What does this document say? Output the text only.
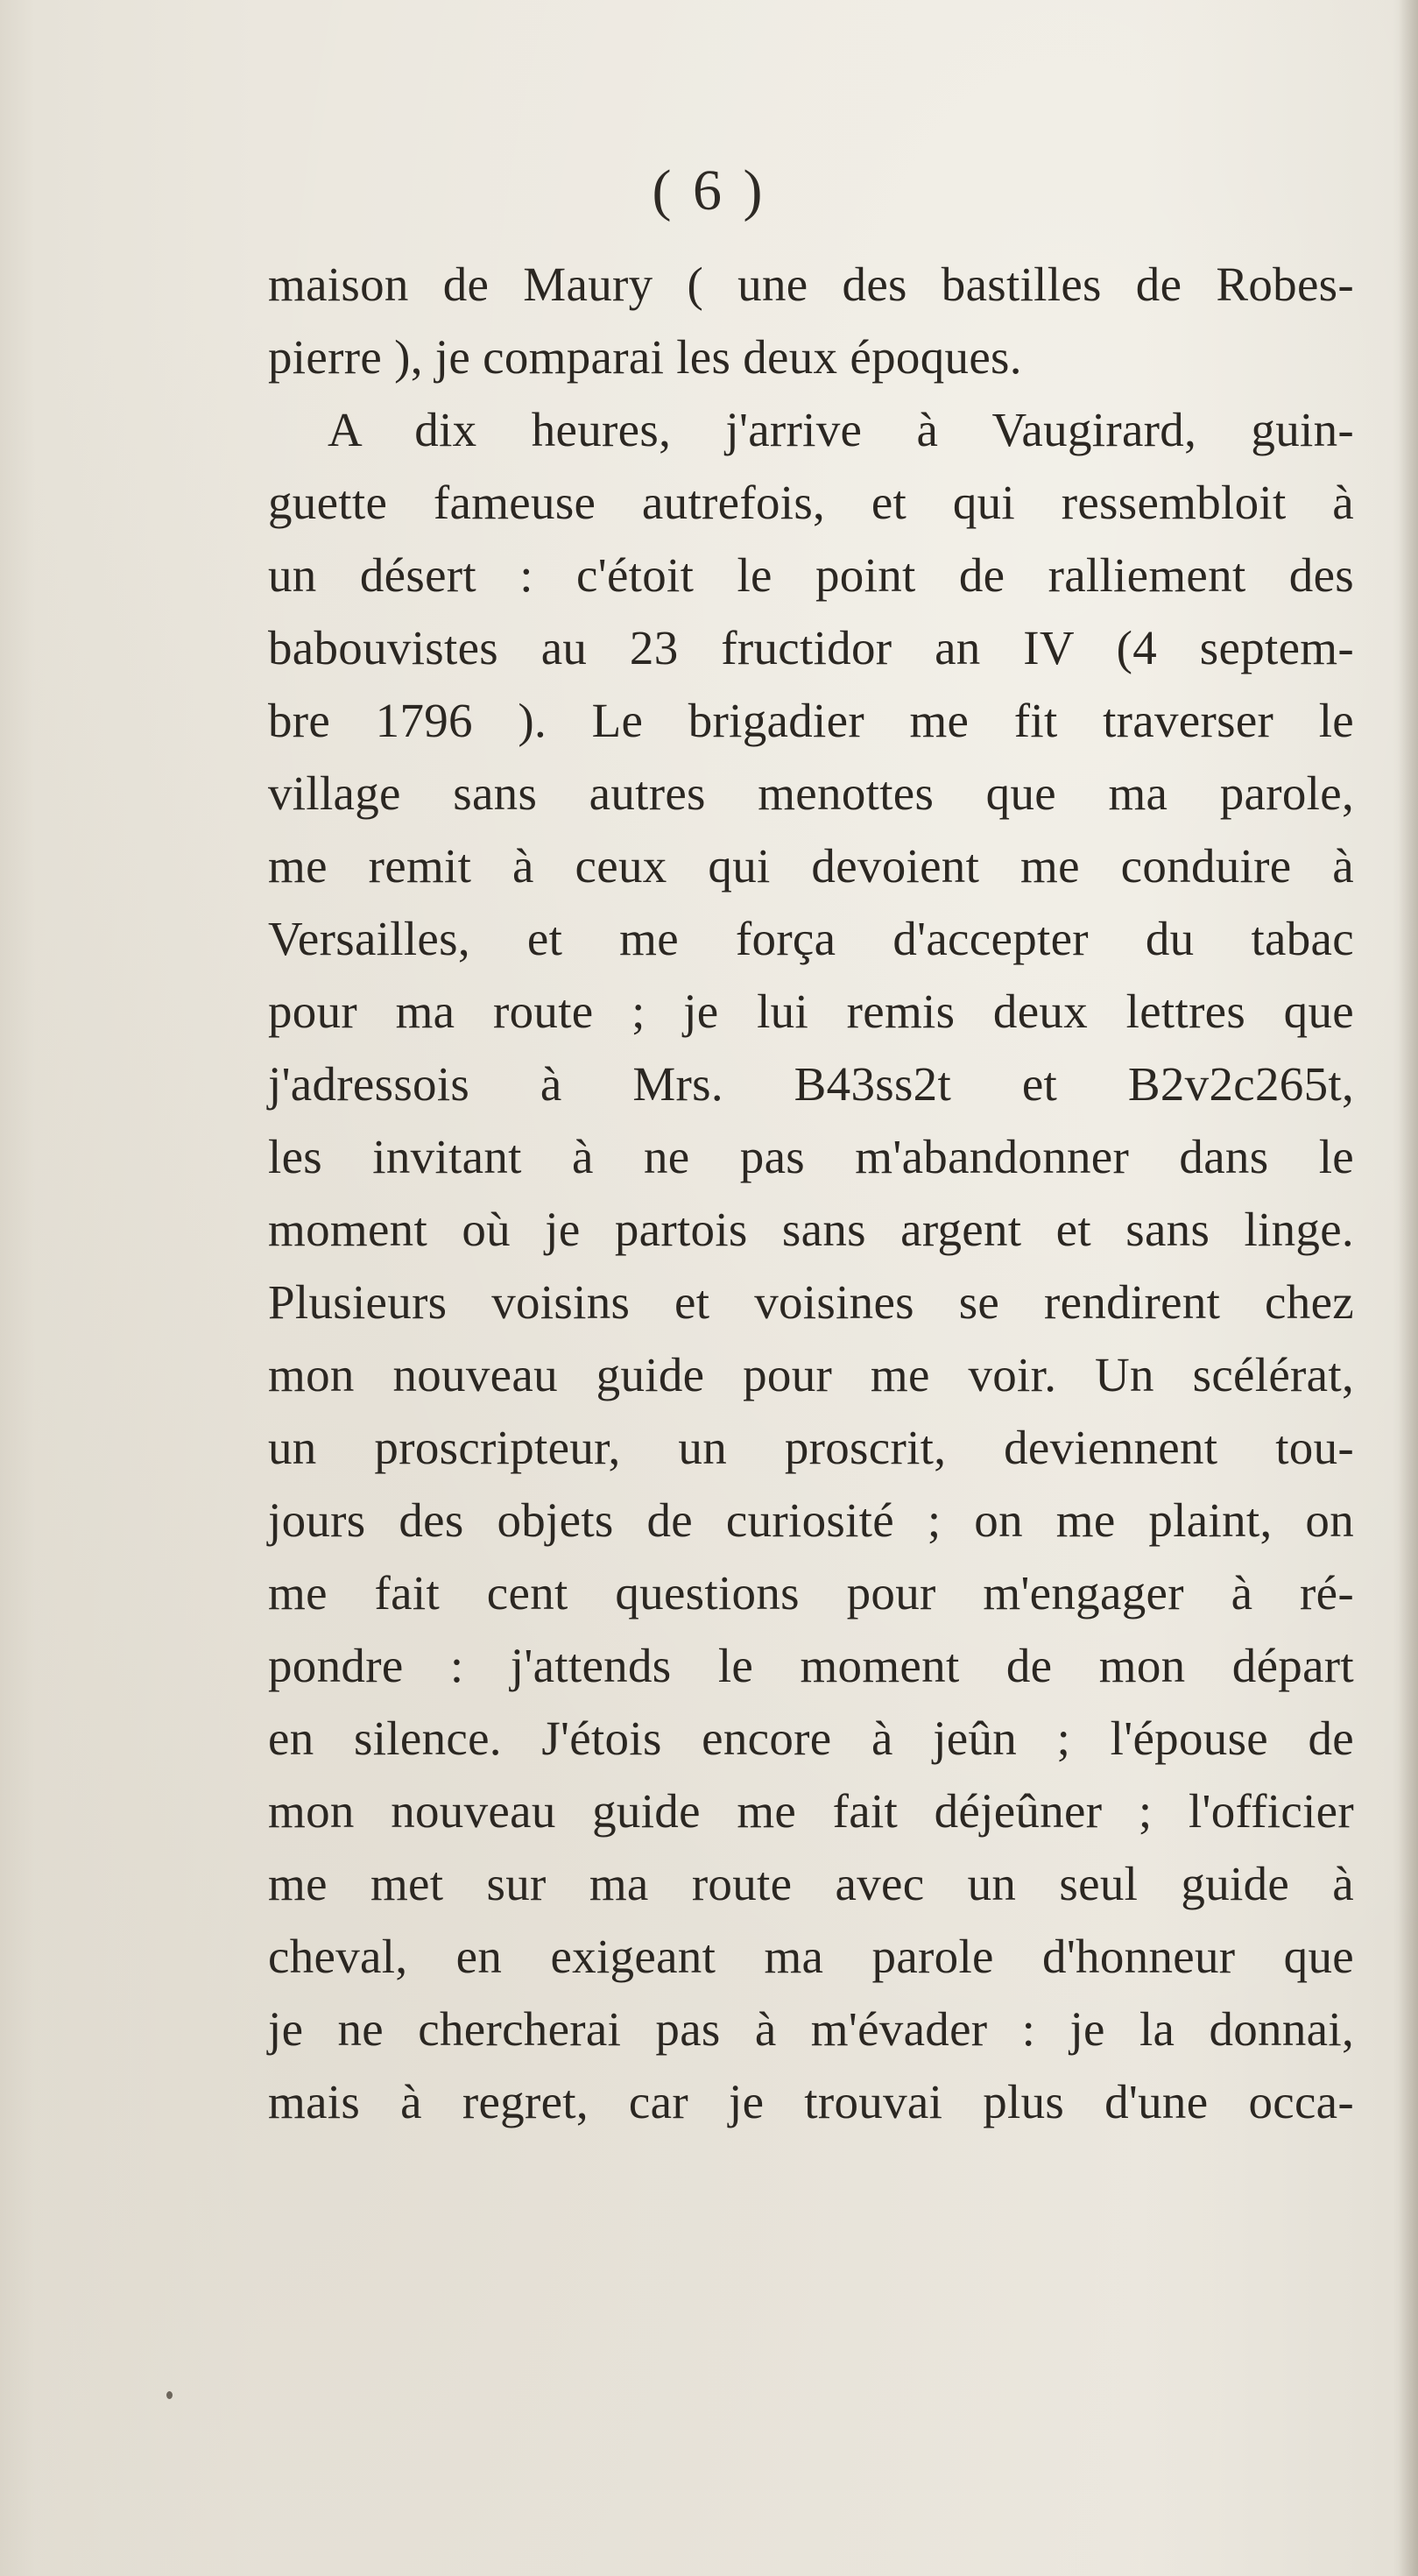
( 6 )
maison de Maury ( une des bastilles de Robes-
pierre ), je comparai les deux époques.
A dix heures, j'arrive à Vaugirard, guin-
guette fameuse autrefois, et qui ressembloit à
un désert : c'étoit le point de ralliement des
babouvistes au 23 fructidor an IV (4 septem-
bre 1796 ). Le brigadier me fit traverser le
village sans autres menottes que ma parole,
me remit à ceux qui devoient me conduire à
Versailles, et me força d'accepter du tabac
pour ma route ; je lui remis deux lettres que
j'adressois à Mrs. B43ss2t et B2v2c265t,
les invitant à ne pas m'abandonner dans le
moment où je partois sans argent et sans linge.
Plusieurs voisins et voisines se rendirent chez
mon nouveau guide pour me voir. Un scélérat,
un proscripteur, un proscrit, deviennent tou-
jours des objets de curiosité ; on me plaint, on
me fait cent questions pour m'engager à ré-
pondre : j'attends le moment de mon départ
en silence. J'étois encore à jeûn ; l'épouse de
mon nouveau guide me fait déjeûner ; l'officier
me met sur ma route avec un seul guide à
cheval, en exigeant ma parole d'honneur que
je ne chercherai pas à m'évader : je la donnai,
mais à regret, car je trouvai plus d'une occa-
